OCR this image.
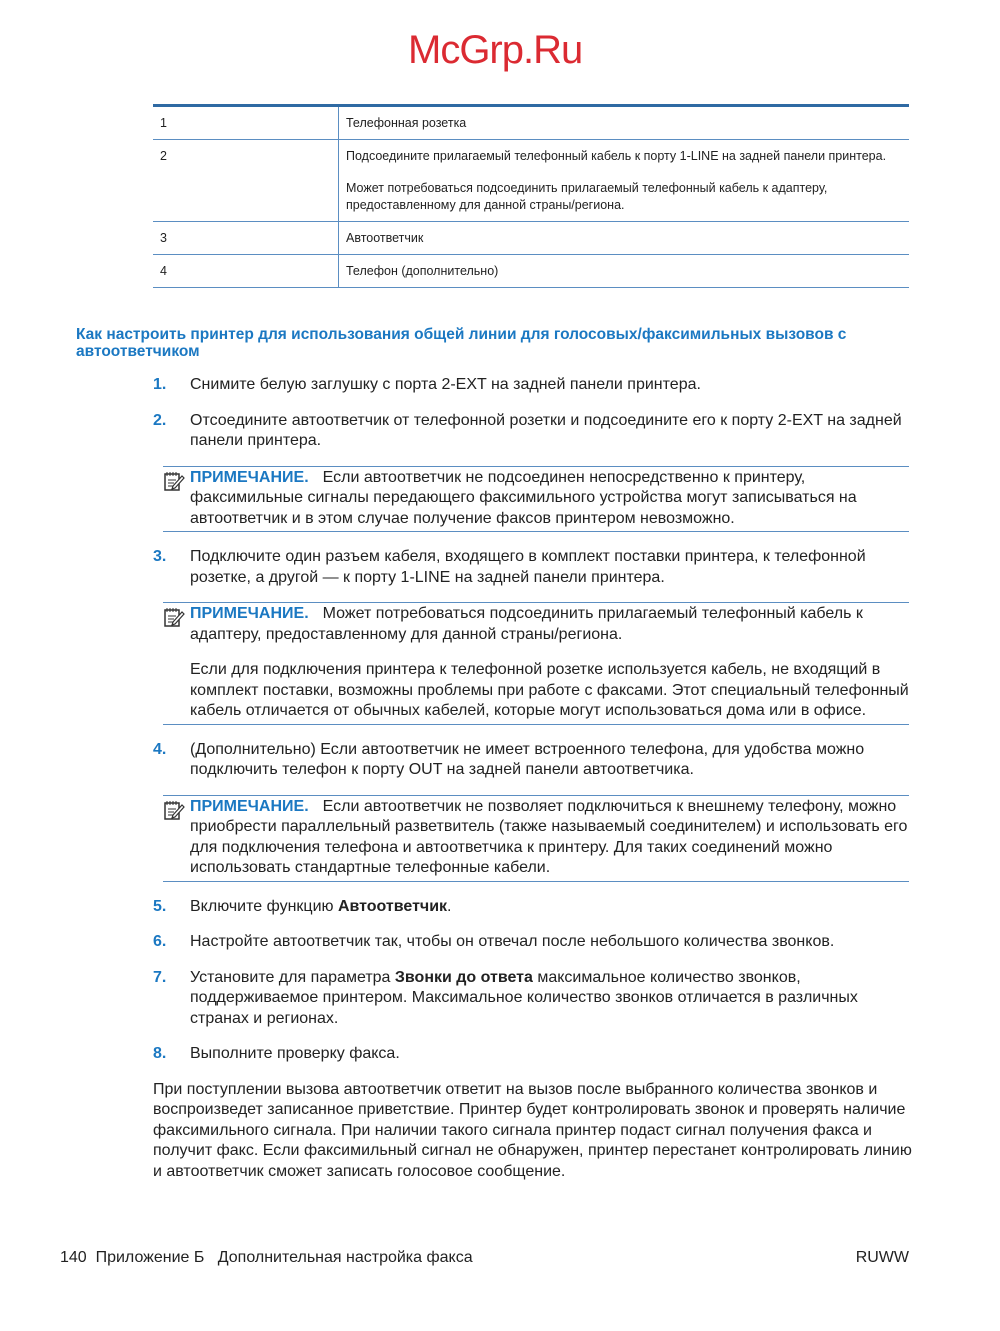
McGrp.Ru
1	Телефонная розетка

2	Подсоедините прилагаемый телефонный кабель к порту 1-LINE на задней панели принтера.

Может потребоваться подсоединить прилагаемый телефонный кабель к адаптеру, предоставленному для данной страны/региона.

3	Автоответчик

4	Телефон (дополнительно)

Как настроить принтер для использования общей линии для голосовых/факсимильных вызовов с автоответчиком
1. Снимите белую заглушку с порта 2-EXT на задней панели принтера.
2. Отсоедините автоответчик от телефонной розетки и подсоедините его к порту 2-EXT на задней панели принтера.

ПРИМЕЧАНИЕ. Если автоответчик не подсоединен непосредственно к принтеру, факсимильные сигналы передающего факсимильного устройства могут записываться на автоответчик и в этом случае получение факсов принтером невозможно.

3. Подключите один разъем кабеля, входящего в комплект поставки принтера, к телефонной розетке, а другой — к порту 1-LINE на задней панели принтера.

ПРИМЕЧАНИЕ. Может потребоваться подсоединить прилагаемый телефонный кабель к адаптеру, предоставленному для данной страны/региона.

Если для подключения принтера к телефонной розетке используется кабель, не входящий в комплект поставки, возможны проблемы при работе с факсами. Этот специальный телефонный кабель отличается от обычных кабелей, которые могут использоваться дома или в офисе.

4. (Дополнительно) Если автоответчик не имеет встроенного телефона, для удобства можно подключить телефон к порту OUT на задней панели автоответчика.

ПРИМЕЧАНИЕ. Если автоответчик не позволяет подключиться к внешнему телефону, можно приобрести параллельный разветвитель (также называемый соединителем) и использовать его для подключения телефона и автоответчика к принтеру. Для таких соединений можно использовать стандартные телефонные кабели.

5. Включите функцию Автоответчик.
6. Настройте автоответчик так, чтобы он отвечал после небольшого количества звонков.
7. Установите для параметра Звонки до ответа максимальное количество звонков, поддерживаемое принтером. Максимальное количество звонков отличается в различных странах и регионах.
8. Выполните проверку факса.
При поступлении вызова автоответчик ответит на вызов после выбранного количества звонков и воспроизведет записанное приветствие. Принтер будет контролировать звонок и проверять наличие факсимильного сигнала. При наличии такого сигнала принтер подаст сигнал получения факса и получит факс. Если факсимильный сигнал не обнаружен, принтер перестанет контролировать линию и автоответчик сможет записать голосовое сообщение.
140 Приложение Б Дополнительная настройка факса	RUWW
